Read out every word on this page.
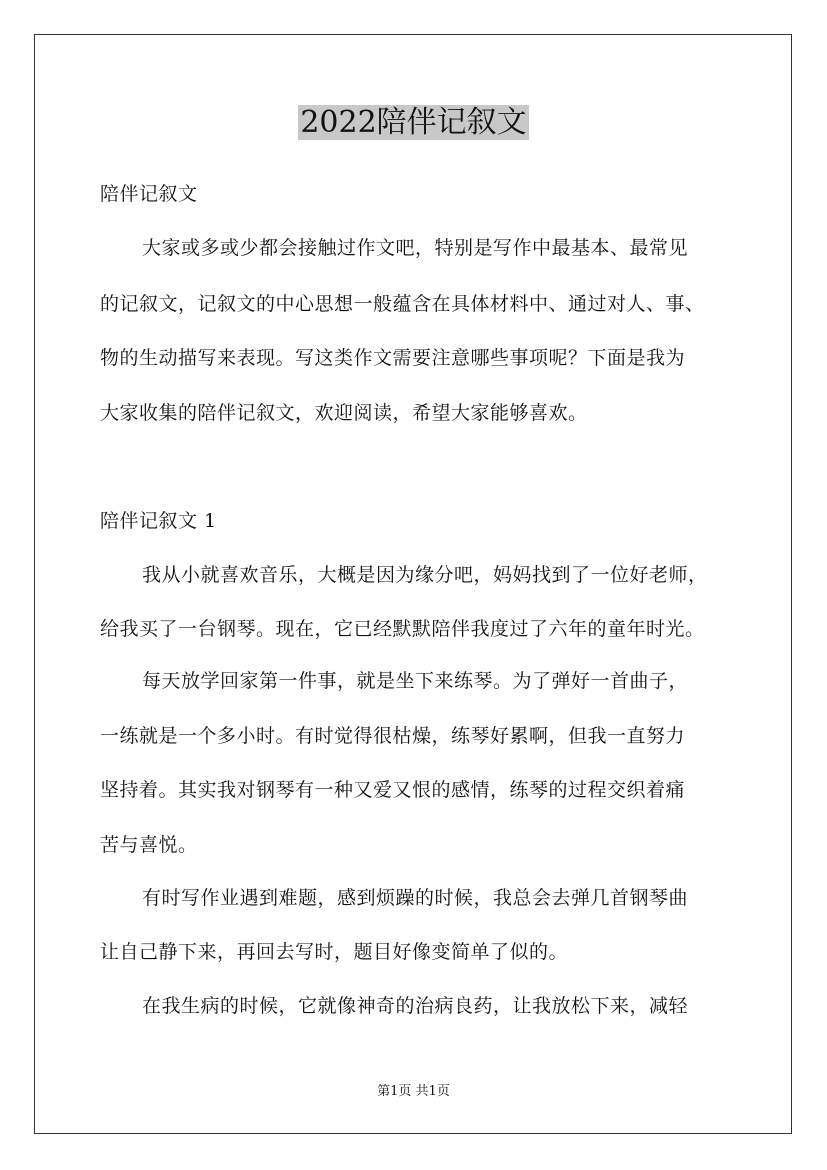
2022陪伴记叙文
陪伴记叙文
大家或多或少都会接触过作文吧，特别是写作中最基本、最常见
的记叙文，记叙文的中心思想一般蕴含在具体材料中、通过对人、事、
物的生动描写来表现。写这类作文需要注意哪些事项呢？下面是我为
大家收集的陪伴记叙文，欢迎阅读，希望大家能够喜欢。
陪伴记叙文 1
我从小就喜欢音乐，大概是因为缘分吧，妈妈找到了一位好老师，
给我买了一台钢琴。现在，它已经默默陪伴我度过了六年的童年时光。
每天放学回家第一件事，就是坐下来练琴。为了弹好一首曲子，
一练就是一个多小时。有时觉得很枯燥，练琴好累啊，但我一直努力
坚持着。其实我对钢琴有一种又爱又恨的感情，练琴的过程交织着痛
苦与喜悦。
有时写作业遇到难题，感到烦躁的时候，我总会去弹几首钢琴曲
让自己静下来，再回去写时，题目好像变简单了似的。
在我生病的时候，它就像神奇的治病良药，让我放松下来，减轻
第1页 共1页
